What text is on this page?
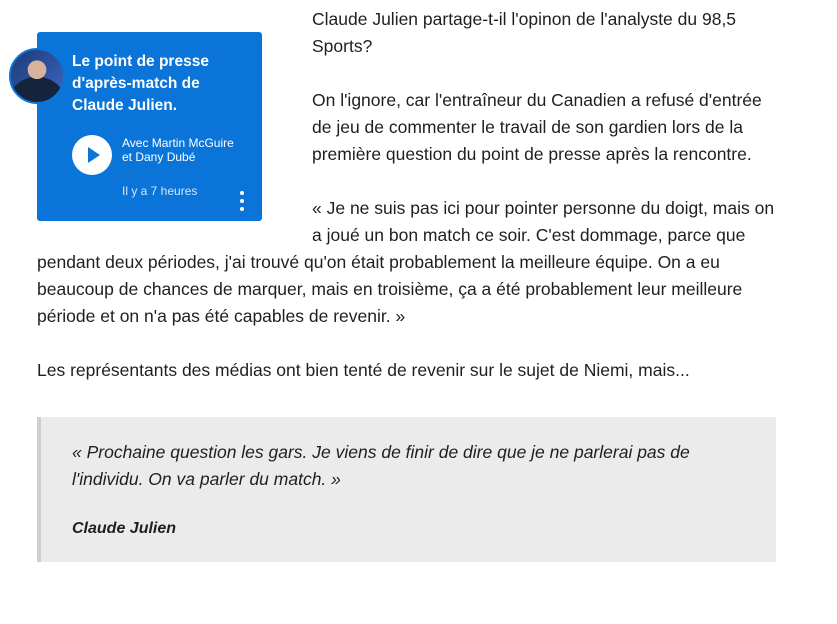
Le point de presse d'après-match de Claude Julien.
Avec Martin McGuire et Dany Dubé
Il y a 7 heures

Claude Julien partage-t-il l'opinon de l'analyste du 98,5 Sports?

On l'ignore, car l'entraîneur du Canadien a refusé d'entrée de jeu de commenter le travail de son gardien lors de la première question du point de presse après la rencontre.

« Je ne suis pas ici pour pointer personne du doigt, mais on a joué un bon match ce soir. C'est dommage, parce que pendant deux périodes, j'ai trouvé qu'on était probablement la meilleure équipe. On a eu beaucoup de chances de marquer, mais en troisième, ça a été probablement leur meilleure période et on n'a pas été capables de revenir. »

Les représentants des médias ont bien tenté de revenir sur le sujet de Niemi, mais...

« Prochaine question les gars. Je viens de finir de dire que je ne parlerai pas de l'individu. On va parler du match. »

Claude Julien
